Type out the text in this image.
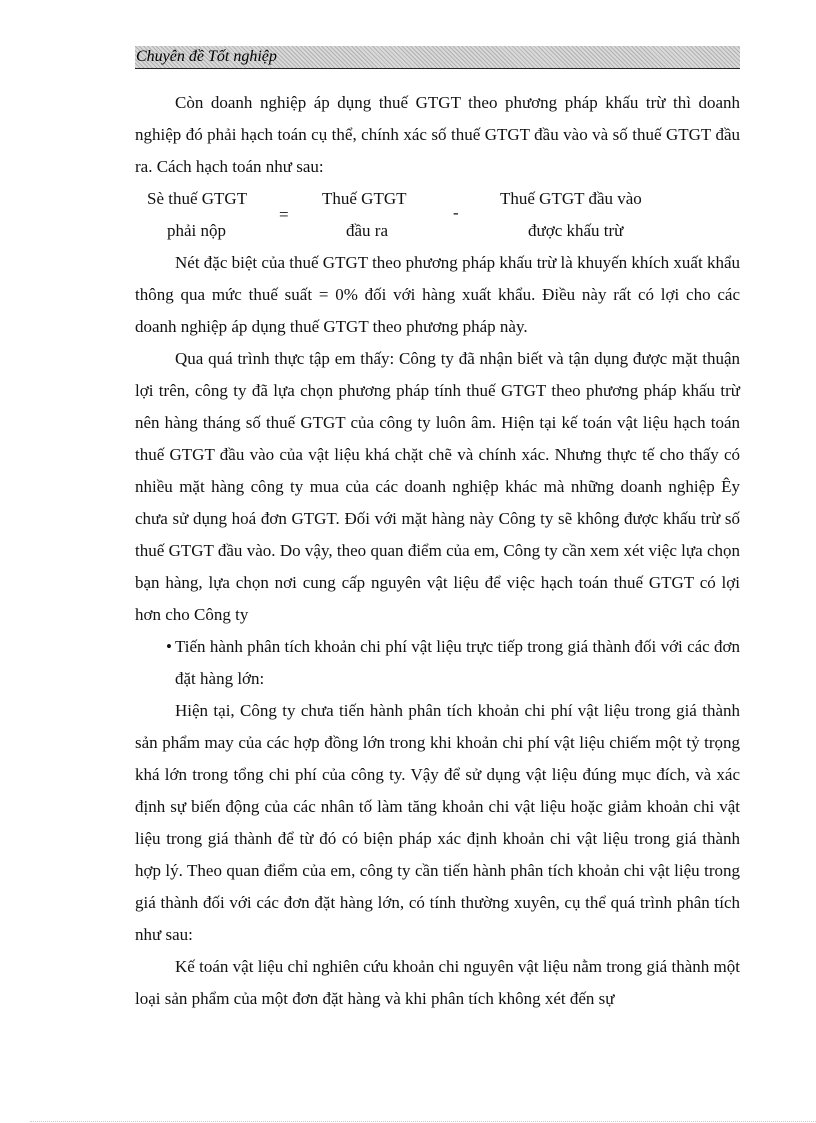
Chuyên đề Tốt nghiệp

Còn doanh nghiệp áp dụng thuế GTGT theo phương pháp khấu trừ thì doanh nghiệp đó phải hạch toán cụ thể, chính xác số thuế GTGT đầu vào và số thuế GTGT đầu ra. Cách hạch toán như sau:

Sè thuế GTGT
phải nộp
=
Thuế GTGT
đầu ra
-
Thuế GTGT đầu vào
được khấu trừ

Nét đặc biệt của thuế GTGT theo phương pháp khấu trừ là khuyến khích xuất khẩu thông qua mức thuế suất = 0% đối với hàng xuất khẩu. Điều này rất có lợi cho các doanh nghiệp áp dụng thuế GTGT theo phương pháp này.

Qua quá trình thực tập em thấy: Công ty đã nhận biết và tận dụng được mặt thuận lợi trên, công ty đã lựa chọn phương pháp tính thuế GTGT theo phương pháp khấu trừ nên hàng tháng số thuế GTGT của công ty luôn âm. Hiện tại kế toán vật liệu hạch toán thuế GTGT đầu vào của vật liệu khá chặt chẽ và chính xác. Nhưng thực tế cho thấy có nhiều mặt hàng công ty mua của các doanh nghiệp khác mà những doanh nghiệp Êy chưa sử dụng hoá đơn GTGT. Đối với mặt hàng này Công ty sẽ không được khấu trừ số thuế GTGT đầu vào. Do vậy, theo quan điểm của em, Công ty cần xem xét việc lựa chọn bạn hàng, lựa chọn nơi cung cấp nguyên vật liệu để việc hạch toán thuế GTGT có lợi hơn cho Công ty

• Tiến hành phân tích khoản chi phí vật liệu trực tiếp trong giá thành đối với các đơn đặt hàng lớn:

Hiện tại, Công ty chưa tiến hành phân tích khoản chi phí vật liệu trong giá thành sản phẩm may của các hợp đồng lớn trong khi khoản chi phí vật liệu chiếm một tỷ trọng khá lớn trong tổng chi phí của công ty. Vậy để sử dụng vật liệu đúng mục đích, và xác định sự biến động của các nhân tố làm tăng khoản chi vật liệu hoặc giảm khoản chi vật liệu trong giá thành để từ đó có biện pháp xác định khoản chi vật liệu trong giá thành hợp lý. Theo quan điểm của em, công ty cần tiến hành phân tích khoản chi vật liệu trong giá thành đối với các đơn đặt hàng lớn, có tính thường xuyên, cụ thể quá trình phân tích như sau:

Kế toán vật liệu chỉ nghiên cứu khoản chi nguyên vật liệu nằm trong giá thành một loại sản phẩm của một đơn đặt hàng và khi phân tích không xét đến sự
